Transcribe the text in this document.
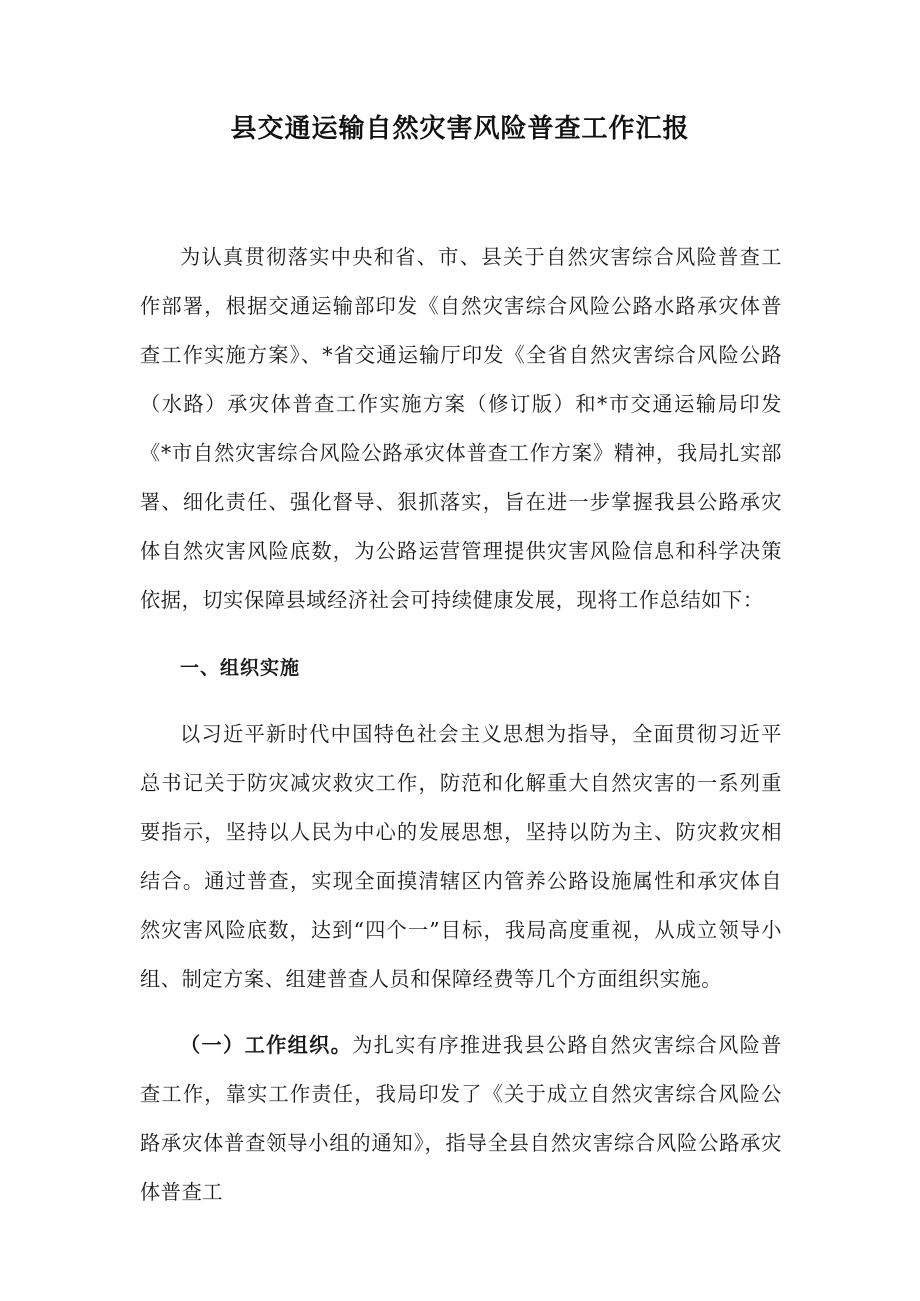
县交通运输自然灾害风险普查工作汇报

为认真贯彻落实中央和省、市、县关于自然灾害综合风险普查工作部署，根据交通运输部印发《自然灾害综合风险公路水路承灾体普查工作实施方案》、*省交通运输厅印发《全省自然灾害综合风险公路（水路）承灾体普查工作实施方案（修订版）和*市交通运输局印发《*市自然灾害综合风险公路承灾体普查工作方案》精神，我局扎实部署、细化责任、强化督导、狠抓落实，旨在进一步掌握我县公路承灾体自然灾害风险底数，为公路运营管理提供灾害风险信息和科学决策依据，切实保障县域经济社会可持续健康发展，现将工作总结如下：

一、组织实施

以习近平新时代中国特色社会主义思想为指导，全面贯彻习近平总书记关于防灾减灾救灾工作，防范和化解重大自然灾害的一系列重要指示，坚持以人民为中心的发展思想，坚持以防为主、防灾救灾相结合。通过普查，实现全面摸清辖区内管养公路设施属性和承灾体自然灾害风险底数，达到“四个一”目标，我局高度重视，从成立领导小组、制定方案、组建普查人员和保障经费等几个方面组织实施。

（一）工作组织。为扎实有序推进我县公路自然灾害综合风险普查工作，靠实工作责任，我局印发了《关于成立自然灾害综合风险公路承灾体普查领导小组的通知》，指导全县自然灾害综合风险公路承灾体普查工
